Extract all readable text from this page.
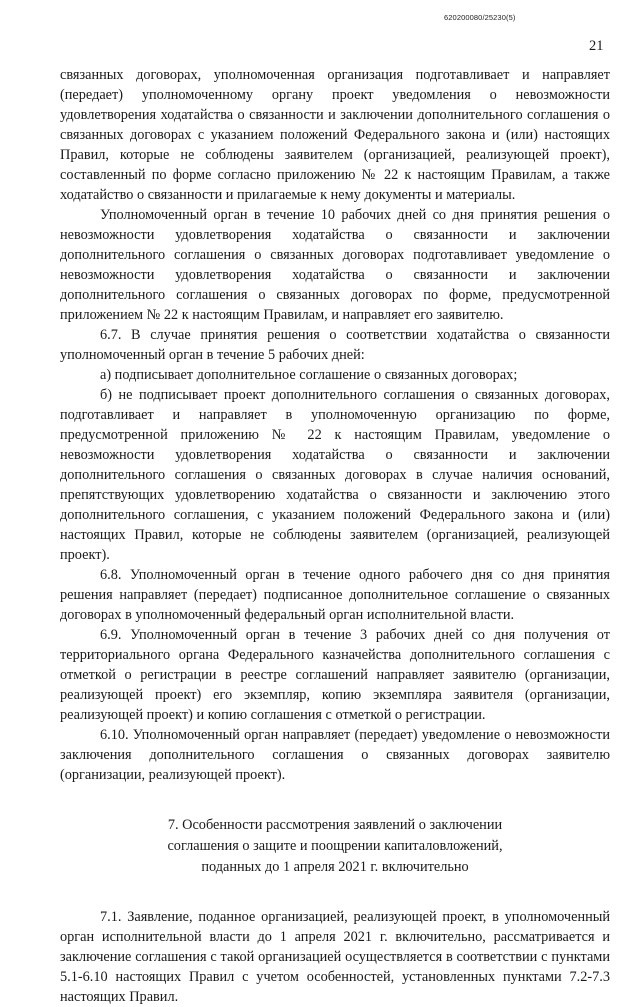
620200080/25230(5)
21

связанных договорах, уполномоченная организация подготавливает и направляет (передает) уполномоченному органу проект уведомления о невозможности удовлетворения ходатайства о связанности и заключении дополнительного соглашения о связанных договорах с указанием положений Федерального закона и (или) настоящих Правил, которые не соблюдены заявителем (организацией, реализующей проект), составленный по форме согласно приложению № 22 к настоящим Правилам, а также ходатайство о связанности и прилагаемые к нему документы и материалы.

Уполномоченный орган в течение 10 рабочих дней со дня принятия решения о невозможности удовлетворения ходатайства о связанности и заключении дополнительного соглашения о связанных договорах подготавливает уведомление о невозможности удовлетворения ходатайства о связанности и заключении дополнительного соглашения о связанных договорах по форме, предусмотренной приложением № 22 к настоящим Правилам, и направляет его заявителю.

6.7. В случае принятия решения о соответствии ходатайства о связанности уполномоченный орган в течение 5 рабочих дней:

а) подписывает дополнительное соглашение о связанных договорах;

б) не подписывает проект дополнительного соглашения о связанных договорах, подготавливает и направляет в уполномоченную организацию по форме, предусмотренной приложению № 22 к настоящим Правилам, уведомление о невозможности удовлетворения ходатайства о связанности и заключении дополнительного соглашения о связанных договорах в случае наличия оснований, препятствующих удовлетворению ходатайства о связанности и заключению этого дополнительного соглашения, с указанием положений Федерального закона и (или) настоящих Правил, которые не соблюдены заявителем (организацией, реализующей проект).

6.8. Уполномоченный орган в течение одного рабочего дня со дня принятия решения направляет (передает) подписанное дополнительное соглашение о связанных договорах в уполномоченный федеральный орган исполнительной власти.

6.9. Уполномоченный орган в течение 3 рабочих дней со дня получения от территориального органа Федерального казначейства дополнительного соглашения с отметкой о регистрации в реестре соглашений направляет заявителю (организации, реализующей проект) его экземпляр, копию экземпляра заявителя (организации, реализующей проект) и копию соглашения с отметкой о регистрации.

6.10. Уполномоченный орган направляет (передает) уведомление о невозможности заключения дополнительного соглашения о связанных договорах заявителю (организации, реализующей проект).

7. Особенности рассмотрения заявлений о заключении
соглашения о защите и поощрении капиталовложений,
поданных до 1 апреля 2021 г. включительно

7.1. Заявление, поданное организацией, реализующей проект, в уполномоченный орган исполнительной власти до 1 апреля 2021 г. включительно, рассматривается и заключение соглашения с такой организацией осуществляется в соответствии с пунктами 5.1-6.10 настоящих Правил с учетом особенностей, установленных пунктами 7.2-7.3 настоящих Правил.
